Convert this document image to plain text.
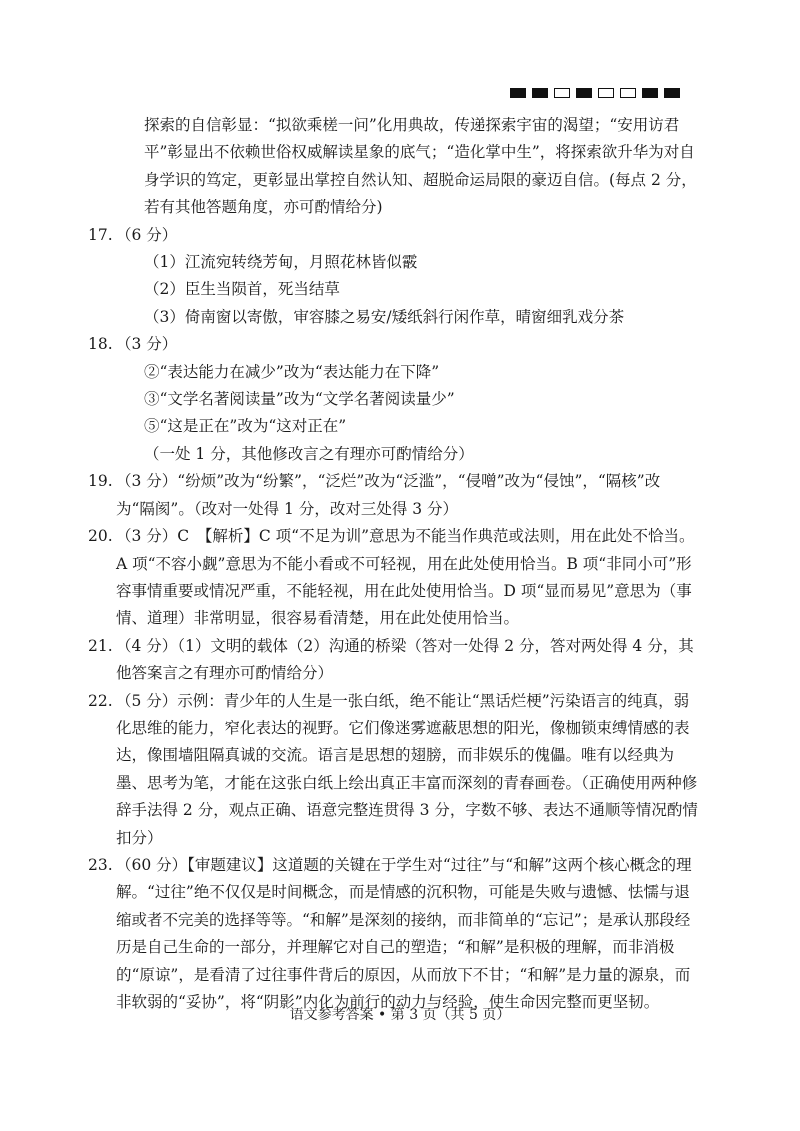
探索的自信彰显：“拟欲乘槎一问”化用典故，传递探索宇宙的渴望；“安用访君平”彰显出不依赖世俗权威解读星象的底气；“造化掌中生”，将探索欲升华为对自身学识的笃定，更彰显出掌控自然认知、超脱命运局限的豪迈自信。(每点 2 分，若有其他答题角度，亦可酌情给分)

17. （6 分）

（1）江流宛转绕芳甸，月照花林皆似霰

（2）臣生当陨首，死当结草

（3）倚南窗以寄傲，审容膝之易安/矮纸斜行闲作草，晴窗细乳戏分茶

18. （3 分）

②“表达能力在减少”改为“表达能力在下降”

③“文学名著阅读量”改为“文学名著阅读量少”

⑤“这是正在”改为“这对正在”

（一处 1 分，其他修改言之有理亦可酌情给分）

19. （3 分）“纷烦”改为“纷繁”，“泛烂”改为“泛滥”，“侵噌”改为“侵蚀”，“隔核”改为“隔阂”。（改对一处得 1 分，改对三处得 3 分）
20. （3 分）C　【解析】C 项“不足为训”意思为不能当作典范或法则，用在此处不恰当。A 项“不容小觑”意思为不能小看或不可轻视，用在此处使用恰当。B 项“非同小可”形容事情重要或情况严重，不能轻视，用在此处使用恰当。D 项“显而易见”意思为（事情、道理）非常明显，很容易看清楚，用在此处使用恰当。
21. （4 分）（1）文明的载体（2）沟通的桥梁（答对一处得 2 分，答对两处得 4 分，其他答案言之有理亦可酌情给分）
22. （5 分）示例：青少年的人生是一张白纸，绝不能让“黑话烂梗”污染语言的纯真，弱化思维的能力，窄化表达的视野。它们像迷雾遮蔽思想的阳光，像枷锁束缚情感的表达，像围墙阻隔真诚的交流。语言是思想的翅膀，而非娱乐的傀儡。唯有以经典为墨、思考为笔，才能在这张白纸上绘出真正丰富而深刻的青春画卷。（正确使用两种修辞手法得 2 分，观点正确、语意完整连贯得 3 分，字数不够、表达不通顺等情况酌情扣分）
23. （60 分）【审题建议】这道题的关键在于学生对“过往”与“和解”这两个核心概念的理解。“过往”绝不仅仅是时间概念，而是情感的沉积物，可能是失败与遗憾、怯懦与退缩或者不完美的选择等等。“和解”是深刻的接纳，而非简单的“忘记”；是承认那段经历是自己生命的一部分，并理解它对自己的塑造；“和解”是积极的理解，而非消极的“原谅”，是看清了过往事件背后的原因，从而放下不甘；“和解”是力量的源泉，而非软弱的“妥协”，将“阴影”内化为前行的动力与经验，使生命因完整而更坚韧。
语文参考答案 • 第 3 页（共 5 页）
